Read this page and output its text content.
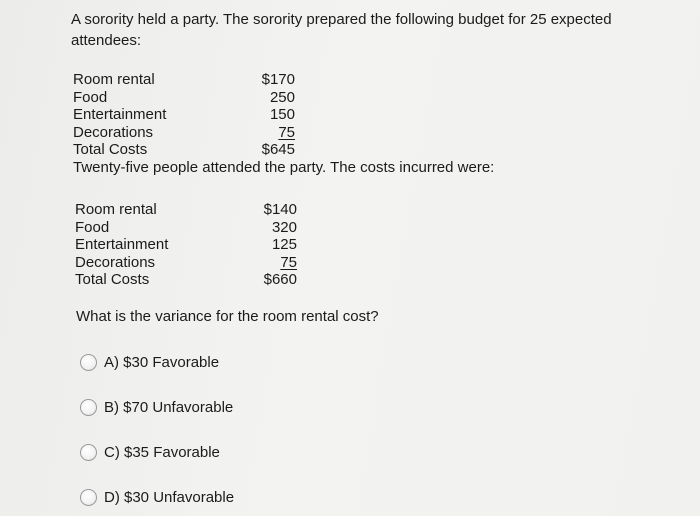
A sorority held a party. The sorority prepared the following budget for 25 expected attendees:
Room rental	$170
Food	250
Entertainment	150
Decorations	75
Total Costs	$645
Twenty-five people attended the party. The costs incurred were:
Room rental	$140
Food	320
Entertainment	125
Decorations	75
Total Costs	$660
What is the variance for the room rental cost?
A) $30 Favorable
B) $70 Unfavorable
C) $35 Favorable
D) $30 Unfavorable
